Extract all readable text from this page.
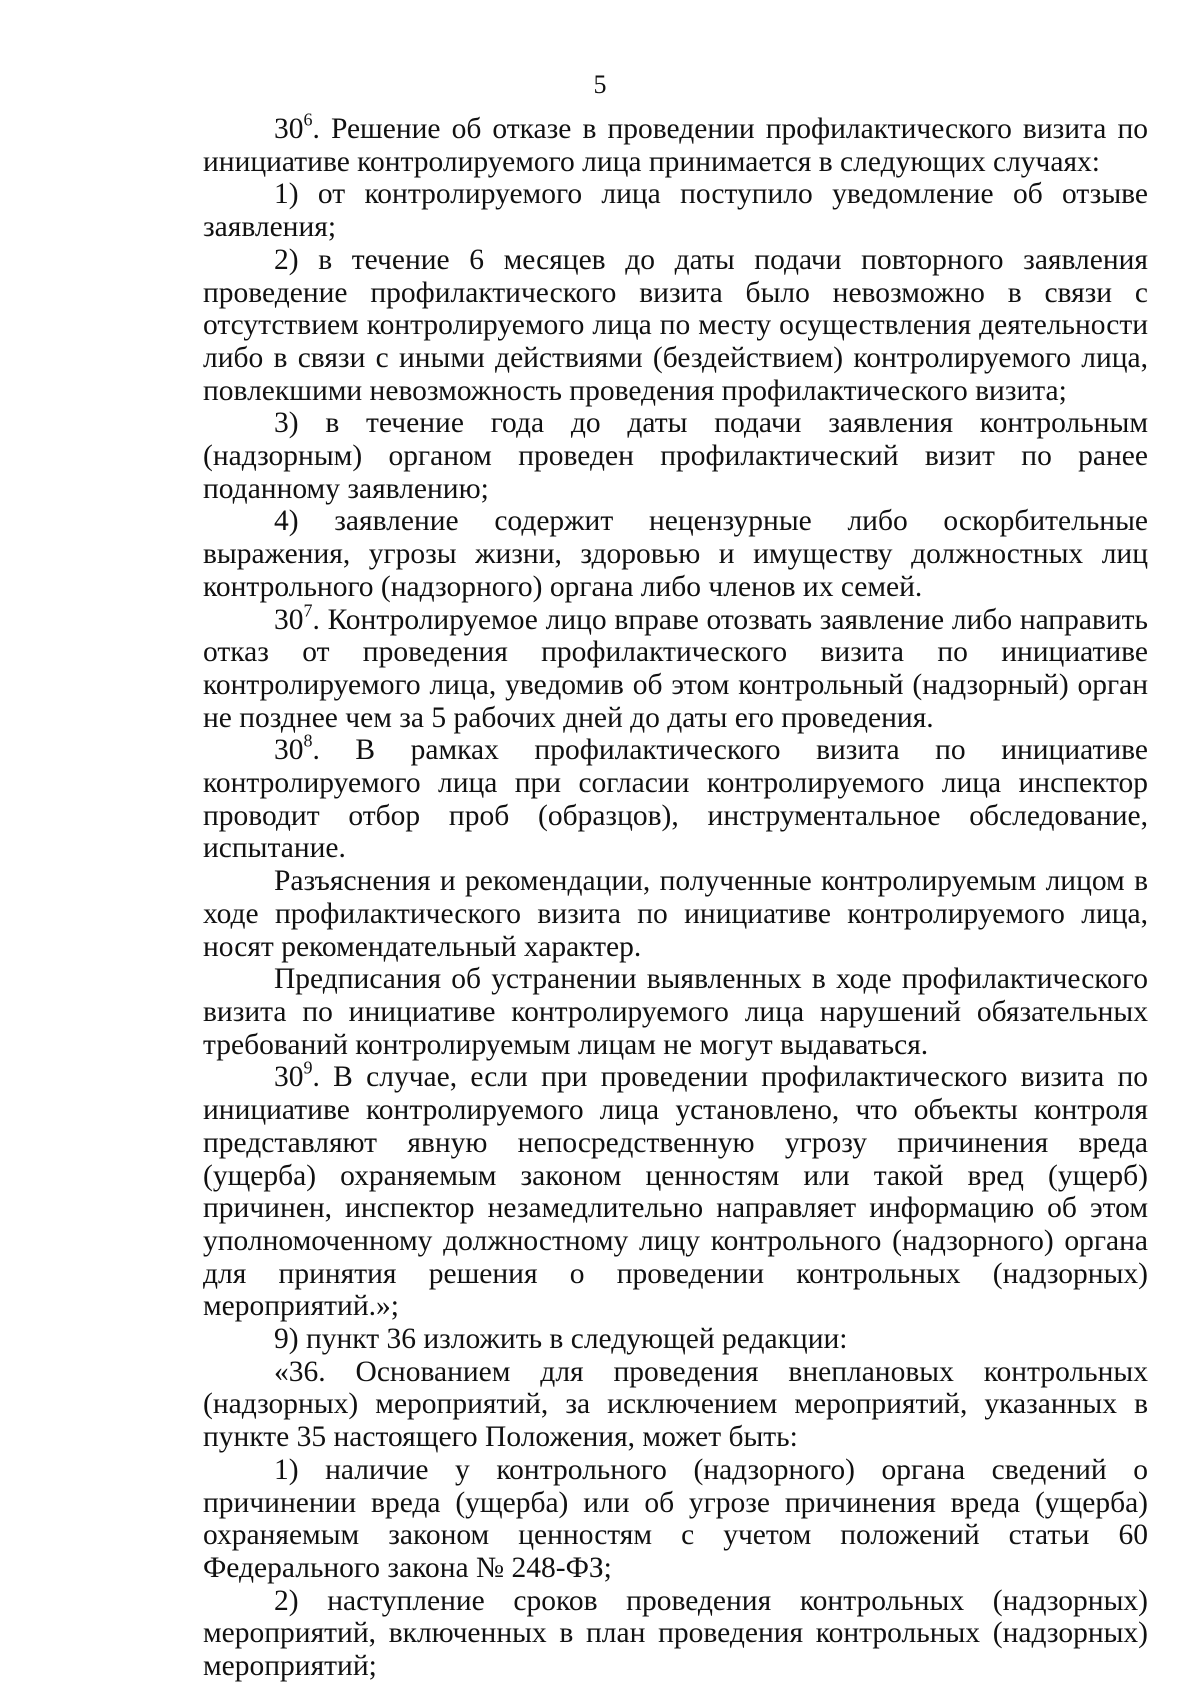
5

$30^6$. Решение об отказе в проведении профилактического визита по инициативе контролируемого лица принимается в следующих случаях:

1) от контролируемого лица поступило уведомление об отзыве заявления;

2) в течение 6 месяцев до даты подачи повторного заявления проведение профилактического визита было невозможно в связи с отсутствием контролируемого лица по месту осуществления деятельности либо в связи с иными действиями (бездействием) контролируемого лица, повлекшими невозможность проведения профилактического визита;

3) в течение года до даты подачи заявления контрольным (надзорным) органом проведен профилактический визит по ранее поданному заявлению;

4) заявление содержит нецензурные либо оскорбительные выражения, угрозы жизни, здоровью и имуществу должностных лиц контрольного (надзорного) органа либо членов их семей.

$30^7$. Контролируемое лицо вправе отозвать заявление либо направить отказ от проведения профилактического визита по инициативе контролируемого лица, уведомив об этом контрольный (надзорный) орган не позднее чем за 5 рабочих дней до даты его проведения.

$30^8$. В рамках профилактического визита по инициативе контролируемого лица при согласии контролируемого лица инспектор проводит отбор проб (образцов), инструментальное обследование, испытание.

Разъяснения и рекомендации, полученные контролируемым лицом в ходе профилактического визита по инициативе контролируемого лица, носят рекомендательный характер.

Предписания об устранении выявленных в ходе профилактического визита по инициативе контролируемого лица нарушений обязательных требований контролируемым лицам не могут выдаваться.

$30^9$. В случае, если при проведении профилактического визита по инициативе контролируемого лица установлено, что объекты контроля представляют явную непосредственную угрозу причинения вреда (ущерба) охраняемым законом ценностям или такой вред (ущерб) причинен, инспектор незамедлительно направляет информацию об этом уполномоченному должностному лицу контрольного (надзорного) органа для принятия решения о проведении контрольных (надзорных) мероприятий.»;

9) пункт 36 изложить в следующей редакции:

«36. Основанием для проведения внеплановых контрольных (надзорных) мероприятий, за исключением мероприятий, указанных в пункте 35 настоящего Положения, может быть:

1) наличие у контрольного (надзорного) органа сведений о причинении вреда (ущерба) или об угрозе причинения вреда (ущерба) охраняемым законом ценностям с учетом положений статьи 60 Федерального закона № 248-ФЗ;

2) наступление сроков проведения контрольных (надзорных) мероприятий, включенных в план проведения контрольных (надзорных) мероприятий;
